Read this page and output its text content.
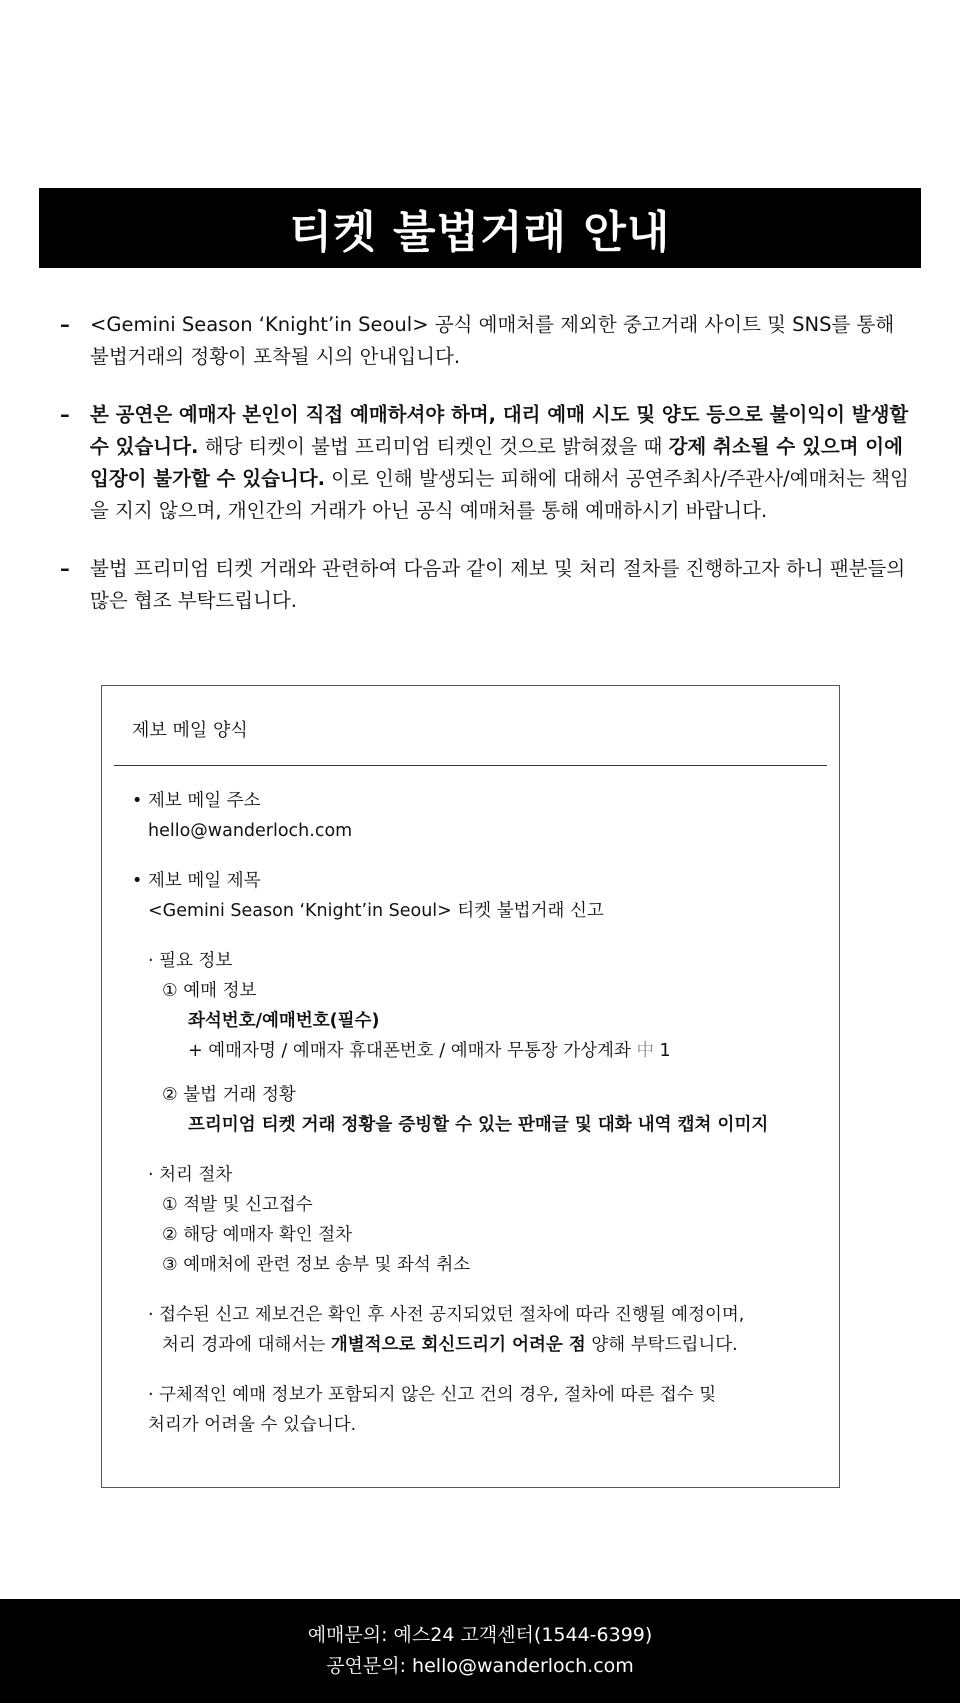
티켓 불법거래 안내
– <Gemini Season ‘Knight’in Seoul> 공식 예매처를 제외한 중고거래 사이트 및 SNS를 통해 불법거래의 정황이 포착될 시의 안내입니다.
– 본 공연은 예매자 본인이 직접 예매하셔야 하며, 대리 예매 시도 및 양도 등으로 불이익이 발생할 수 있습니다. 해당 티켓이 불법 프리미엄 티켓인 것으로 밝혀졌을 때 강제 취소될 수 있으며 이에 입장이 불가할 수 있습니다. 이로 인해 발생되는 피해에 대해서 공연주최사/주관사/예매처는 책임을 지지 않으며, 개인간의 거래가 아닌 공식 예매처를 통해 예매하시기 바랍니다.
– 불법 프리미엄 티켓 거래와 관련하여 다음과 같이 제보 및 처리 절차를 진행하고자 하니 팬분들의 많은 협조 부탁드립니다.
제보 메일 양식
• 제보 메일 주소
hello@wanderloch.com
• 제보 메일 제목
<Gemini Season ‘Knight’in Seoul> 티켓 불법거래 신고
· 필요 정보
① 예매 정보
좌석번호/예매번호(필수)
+ 예매자명 / 예매자 휴대폰번호 / 예매자 무통장 가상계좌 中 1
② 불법 거래 정황
프리미엄 티켓 거래 정황을 증빙할 수 있는 판매글 및 대화 내역 캡쳐 이미지
· 처리 절차
① 적발 및 신고접수
② 해당 예매자 확인 절차
③ 예매처에 관련 정보 송부 및 좌석 취소
· 접수된 신고 제보건은 확인 후 사전 공지되었던 절차에 따라 진행될 예정이며,
처리 경과에 대해서는 개별적으로 회신드리기 어려운 점 양해 부탁드립니다.
· 구체적인 예매 정보가 포함되지 않은 신고 건의 경우, 절차에 따른 접수 및
처리가 어려울 수 있습니다.
예매문의: 예스24 고객센터(1544-6399)
공연문의: hello@wanderloch.com
